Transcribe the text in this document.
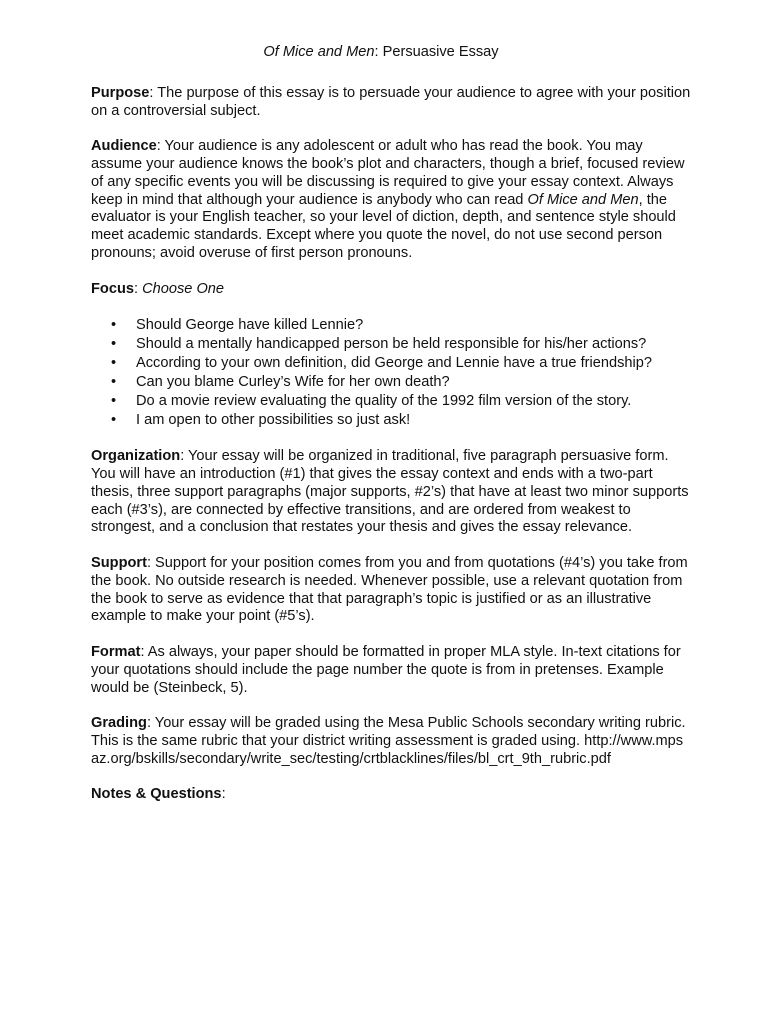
Of Mice and Men: Persuasive Essay

Purpose: The purpose of this essay is to persuade your audience to agree with your position on a controversial subject.

Audience: Your audience is any adolescent or adult who has read the book. You may assume your audience knows the book’s plot and characters, though a brief, focused review of any specific events you will be discussing is required to give your essay context. Always keep in mind that although your audience is anybody who can read Of Mice and Men, the evaluator is your English teacher, so your level of diction, depth, and sentence style should meet academic standards. Except where you quote the novel, do not use second person pronouns; avoid overuse of first person pronouns.

Focus: Choose One

• Should George have killed Lennie?
• Should a mentally handicapped person be held responsible for his/her actions?
• According to your own definition, did George and Lennie have a true friendship?
• Can you blame Curley’s Wife for her own death?
• Do a movie review evaluating the quality of the 1992 film version of the story.
• I am open to other possibilities so just ask!

Organization: Your essay will be organized in traditional, five paragraph persuasive form. You will have an introduction (#1) that gives the essay context and ends with a two-part thesis, three support paragraphs (major supports, #2’s) that have at least two minor supports each (#3’s), are connected by effective transitions, and are ordered from weakest to strongest, and a conclusion that restates your thesis and gives the essay relevance.

Support: Support for your position comes from you and from quotations (#4’s) you take from the book. No outside research is needed. Whenever possible, use a relevant quotation from the book to serve as evidence that that paragraph’s topic is justified or as an illustrative example to make your point (#5’s).

Format: As always, your paper should be formatted in proper MLA style. In-text citations for your quotations should include the page number the quote is from in pretenses. Example would be (Steinbeck, 5).

Grading: Your essay will be graded using the Mesa Public Schools secondary writing rubric. This is the same rubric that your district writing assessment is graded using. http://www.mpsaz.org/bskills/secondary/write_sec/testing/crtblacklines/files/bl_crt_9th_rubric.pdf

Notes & Questions:
